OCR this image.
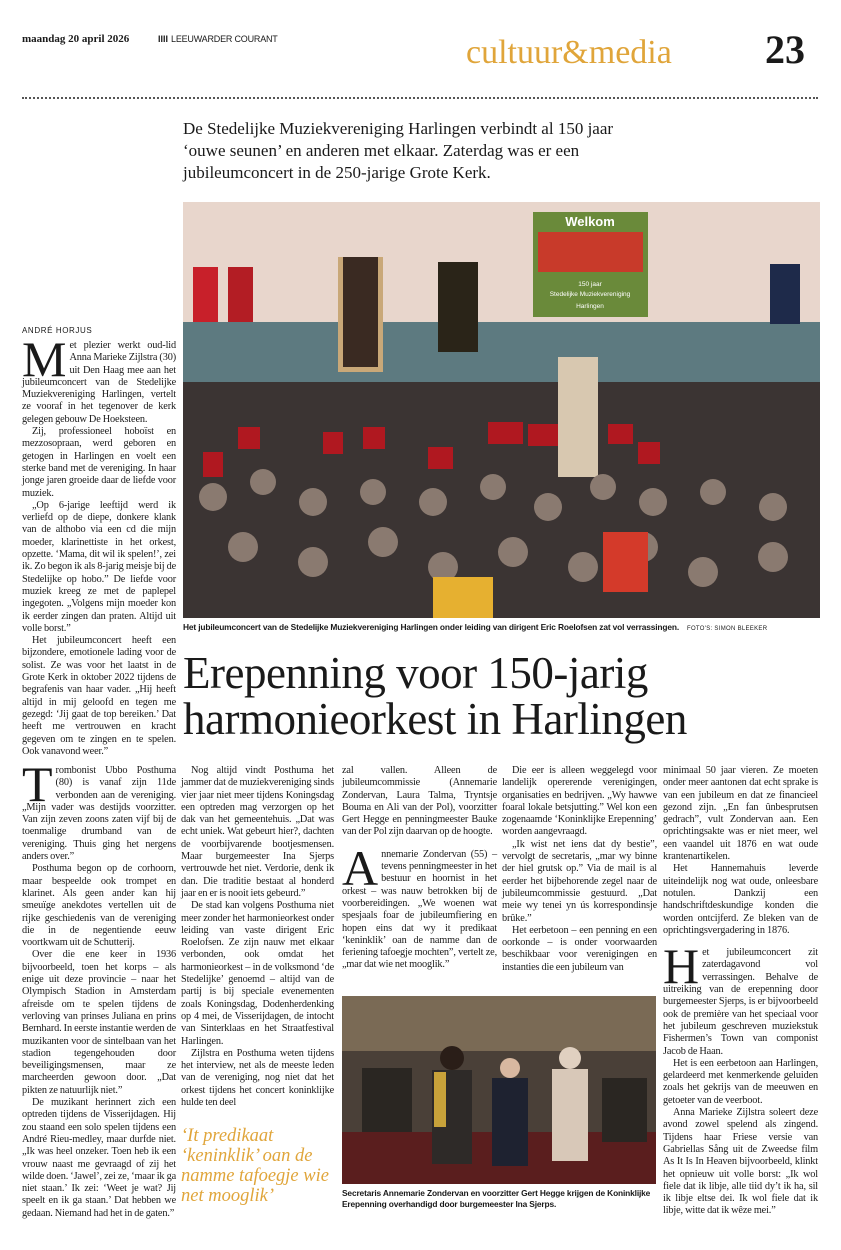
maandag 20 april 2026	IIII LEEUWARDER COURANT	cultuur&media 23
De Stedelijke Muziekvereniging Harlingen verbindt al 150 jaar ‘ouwe seunen’ en anderen met elkaar. Zaterdag was er een jubileumconcert in de 250-jarige Grote Kerk.
Welkom
150 jaar
Stedelijke Muziekvereniging
Harlingen
Het jubileumconcert van de Stedelijke Muziekvereniging Harlingen onder leiding van dirigent Eric Roelofsen zat vol verrassingen. FOTO'S: SIMON BLEEKER
ANDRÉ HORJUS

Met plezier werkt oud-lid Anna Marieke Zijlstra (30) uit Den Haag mee aan het jubileumconcert van de Stedelijke Muziekvereniging Harlingen, vertelt ze vooraf in het tegenover de kerk gelegen gebouw De Hoeksteen.

Zij, professioneel hoboïst en mezzosopraan, werd geboren en getogen in Harlingen en voelt een sterke band met de vereniging. In haar jonge jaren groeide daar de liefde voor muziek.

„Op 6-jarige leeftijd werd ik verliefd op de diepe, donkere klank van de althobo via een cd die mijn moeder, klarinettiste in het orkest, opzette. ‘Mama, dit wil ik spelen!’, zei ik. Zo begon ik als 8-jarig meisje bij de Stedelijke op hobo.” De liefde voor muziek kreeg ze met de paplepel ingegoten. „Volgens mijn moeder kon ik eerder zingen dan praten. Altijd uit volle borst.”

Het jubileumconcert heeft een bijzondere, emotionele lading voor de solist. Ze was voor het laatst in de Grote Kerk in oktober 2022 tijdens de begrafenis van haar vader. „Hij heeft altijd in mij geloofd en tegen me gezegd: ‘Jij gaat de top bereiken.’ Dat heeft me vertrouwen en kracht gegeven om te zingen en te spelen. Ook vanavond weer.”

Erepenning voor 150-jarig harmonieorkest in Harlingen

Trombonist Ubbo Posthuma (80) is vanaf zijn 11de verbonden aan de vereniging. „Mijn vader was destijds voorzitter. Van zijn zeven zoons zaten vijf bij de toenmalige drumband van de vereniging. Thuis ging het nergens anders over.”

Posthuma begon op de corhoorn, maar bespeelde ook trompet en klarinet. Als geen ander kan hij smeuïge anekdotes vertellen uit de rijke geschiedenis van de vereniging die in de negentiende eeuw voortkwam uit de Schutterij.

Over die ene keer in 1936 bijvoorbeeld, toen het korps – als enige uit deze provincie – naar het Olympisch Stadion in Amsterdam afreisde om te spelen tijdens de verloving van prinses Juliana en prins Bernhard. In eerste instantie werden de muzikanten voor de sintelbaan van het stadion tegengehouden door beveiligingsmensen, maar ze marcheerden gewoon door. „Dat pikten ze natuurlijk niet.”

De muzikant herinnert zich een optreden tijdens de Visserijdagen. Hij zou staand een solo spelen tijdens een André Rieu-medley, maar durfde niet. „Ik was heel onzeker. Toen heb ik een vrouw naast me gevraagd of zij het wilde doen. ‘Jawel’, zei ze, ‘maar ik ga niet staan.’ Ik zei: ‘Weet je wat? Jij speelt en ik ga staan.’ Dat hebben we gedaan. Niemand had het in de gaten.”

Nog altijd vindt Posthuma het jammer dat de muziekvereniging sinds vier jaar niet meer tijdens Koningsdag een optreden mag verzorgen op het dak van het gemeentehuis. „Dat was echt uniek. Wat gebeurt hier?, dachten de voorbijvarende bootjesmensen. Maar burgemeester Ina Sjerps vertrouwde het niet. Verdorie, denk ik dan. Die traditie bestaat al honderd jaar en er is nooit iets gebeurd.”

De stad kan volgens Posthuma niet meer zonder het harmonieorkest onder leiding van vaste dirigent Eric Roelofsen. Ze zijn nauw met elkaar verbonden, ook omdat het harmonieorkest – in de volksmond ‘de Stedelijke’ genoemd – altijd van de partij is bij speciale evenementen zoals Koningsdag, Dodenherdenking op 4 mei, de Visserijdagen, de intocht van Sinterklaas en het Straatfestival Harlingen.

Zijlstra en Posthuma weten tijdens het interview, net als de meeste leden van de vereniging, nog niet dat het orkest tijdens het concert koninklijke hulde ten deel

zal vallen. Alleen de jubileumcommissie (Annemarie Zondervan, Laura Talma, Tryntsje Bouma en Ali van der Pol), voorzitter Gert Hegge en penningmeester Bauke van der Pol zijn daarvan op de hoogte.

Annemarie Zondervan (55) – tevens penningmeester in het bestuur en hoornist in het orkest – was nauw betrokken bij de voorbereidingen. „We woenen wat spesjaals foar de jubileumfiering en hopen eins dat wy it predikaat ‘keninklik’ oan de namme dan de feriening tafoegje mochten”, vertelt ze, „mar dat wie net mooglik.”

Die eer is alleen weggelegd voor landelijk opererende verenigingen, organisaties en bedrijven. „Wy hawwe foaral lokale betsjutting.” Wel kon een zogenaamde ‘Koninklijke Erepenning’ worden aangevraagd.

„Ik wist net iens dat dy bestie”, vervolgt de secretaris, „mar wy binne der hiel grutsk op.” Via de mail is al eerder het bijbehorende zegel naar de jubileumcommissie gestuurd. „Dat meie wy tenei yn ús korrespondinsje brûke.”

Het eerbetoon – een penning en een oorkonde – is onder voorwaarden beschikbaar voor verenigingen en instanties die een jubileum van

minimaal 50 jaar vieren. Ze moeten onder meer aantonen dat echt sprake is van een jubileum en dat ze financieel gezond zijn. „En fan ûnbesprutsen gedrach”, vult Zondervan aan. Een oprichtingsakte was er niet meer, wel een vaandel uit 1876 en wat oude krantenartikelen.

Het Hannemahuis leverde uiteindelijk nog wat oude, onleesbare notulen. Dankzij een handschriftdeskundige konden die worden ontcijferd. Ze bleken van de oprichtingsvergadering in 1876.

Het jubileumconcert zit zaterdagavond vol verrassingen. Behalve de uitreiking van de erepenning door burgemeester Sjerps, is er bijvoorbeeld ook de première van het speciaal voor het jubileum geschreven muziekstuk Fishermen’s Town van componist Jacob de Haan.

Het is een eerbetoon aan Harlingen, gelardeerd met kenmerkende geluiden zoals het gekrijs van de meeuwen en getoeter van de veerboot.

Anna Marieke Zijlstra soleert deze avond zowel spelend als zingend. Tijdens haar Friese versie van Gabriellas Sång uit de Zweedse film As It Is In Heaven bijvoorbeeld, klinkt het opnieuw uit volle borst: „Ik wol fiele dat ik libje, alle tiid dy’t ik ha, sil ik libje eltse dei. Ik wol fiele dat ik libje, witte dat ik wêze mei.”

‘It predikaat ‘keninklik’ oan de namme tafoegje wie net mooglik’	Secretaris Annemarie Zondervan en voorzitter Gert Hegge krijgen de Koninklijke Erepenning overhandigd door burgemeester Ina Sjerps.
